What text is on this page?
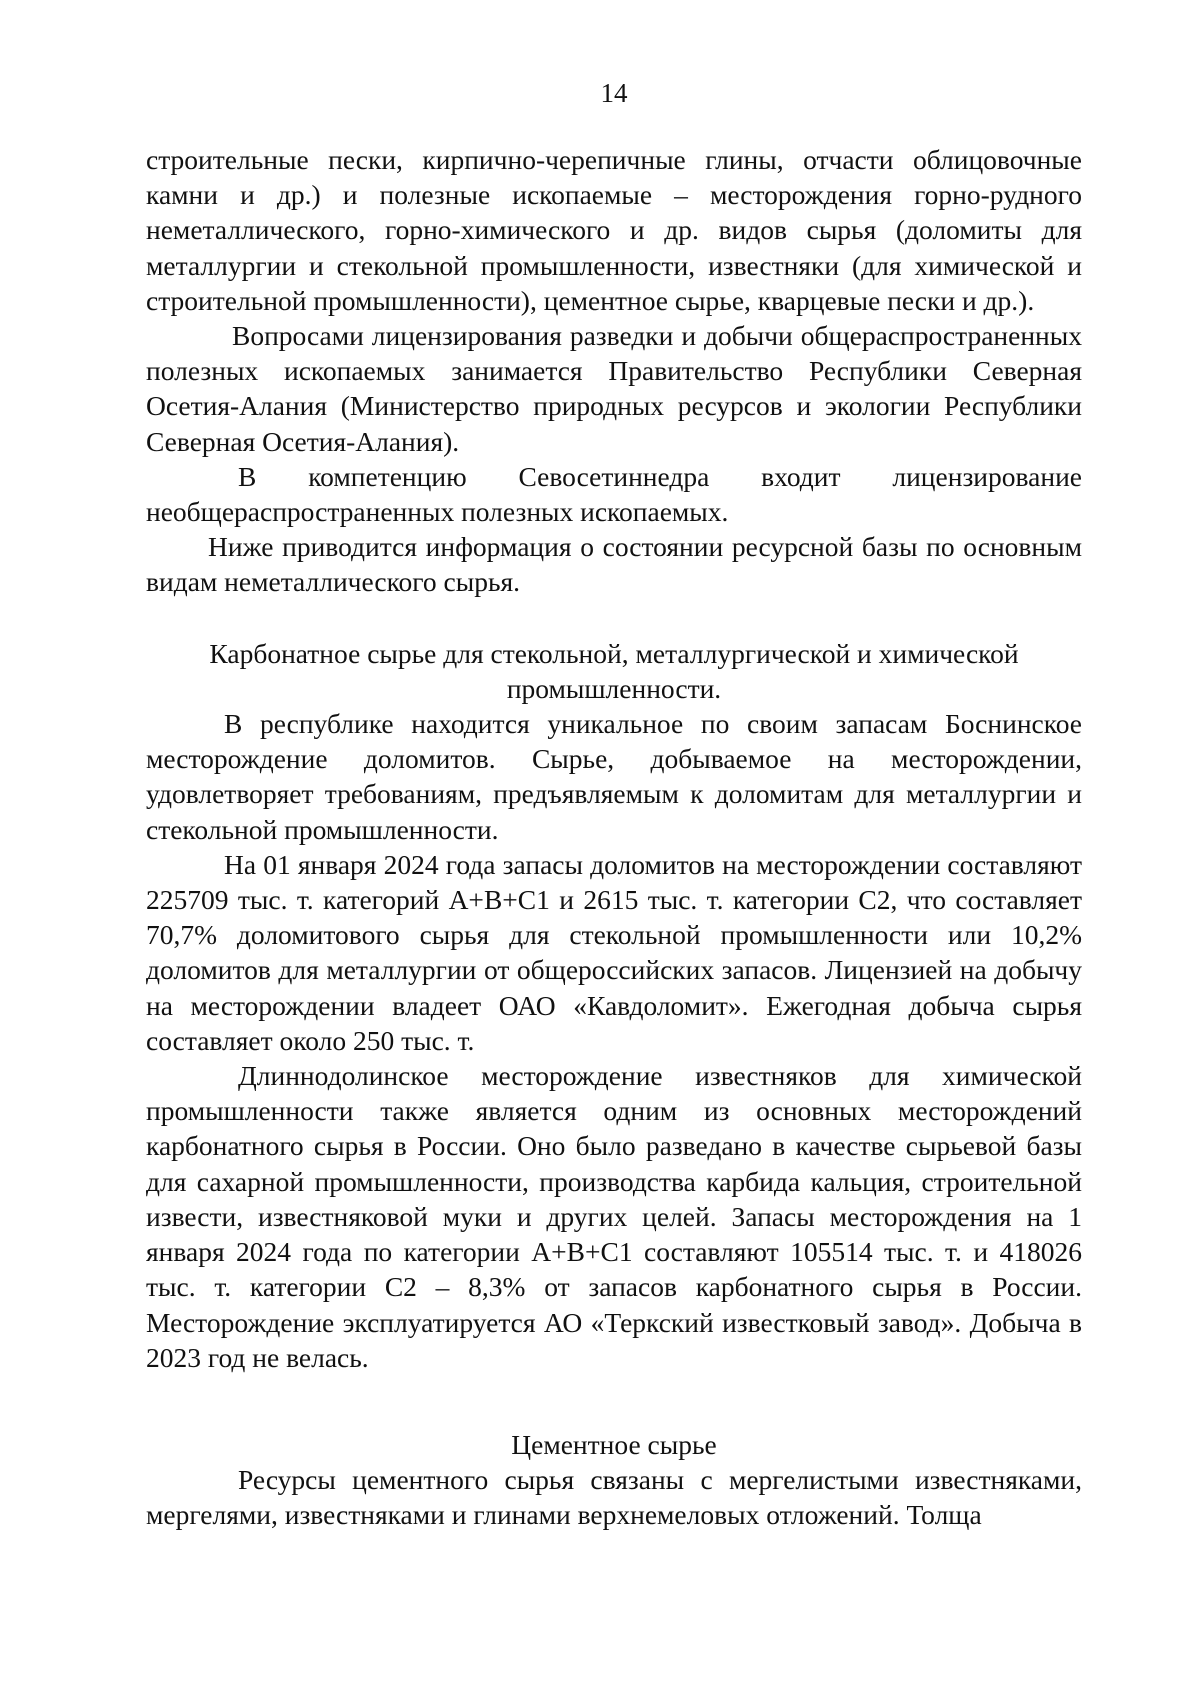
14

строительные пески, кирпично-черепичные глины, отчасти облицовочные камни и др.) и полезные ископаемые – месторождения горно-рудного неметаллического, горно-химического и др. видов сырья (доломиты для металлургии и стекольной промышленности, известняки (для химической и строительной промышленности), цементное сырье, кварцевые пески и др.).

Вопросами лицензирования разведки и добычи общераспространенных полезных ископаемых занимается Правительство Республики Северная Осетия-Алания (Министерство природных ресурсов и экологии Республики Северная Осетия-Алания).

В компетенцию Севосетиннедра входит лицензирование необщераспространенных полезных ископаемых.

Ниже приводится информация о состоянии ресурсной базы по основным видам неметаллического сырья.

Карбонатное сырье для стекольной, металлургической и химической промышленности.

В республике находится уникальное по своим запасам Боснинское месторождение доломитов. Сырье, добываемое на месторождении, удовлетворяет требованиям, предъявляемым к доломитам для металлургии и стекольной промышленности.

На 01 января 2024 года запасы доломитов на месторождении составляют 225709 тыс. т. категорий А+В+С1 и 2615 тыс. т. категории С2, что составляет 70,7% доломитового сырья для стекольной промышленности или 10,2% доломитов для металлургии от общероссийских запасов. Лицензией на добычу на месторождении владеет ОАО «Кавдоломит». Ежегодная добыча сырья составляет около 250 тыс. т.

Длиннодолинское месторождение известняков для химической промышленности также является одним из основных месторождений карбонатного сырья в России. Оно было разведано в качестве сырьевой базы для сахарной промышленности, производства карбида кальция, строительной извести, известняковой муки и других целей. Запасы месторождения на 1 января 2024 года по категории А+В+С1 составляют 105514 тыс. т. и 418026 тыс. т. категории С2 – 8,3% от запасов карбонатного сырья в России. Месторождение эксплуатируется АО «Теркский известковый завод». Добыча в 2023 год не велась.

Цементное сырье

Ресурсы цементного сырья связаны с мергелистыми известняками, мергелями, известняками и глинами верхнемеловых отложений. Толща
